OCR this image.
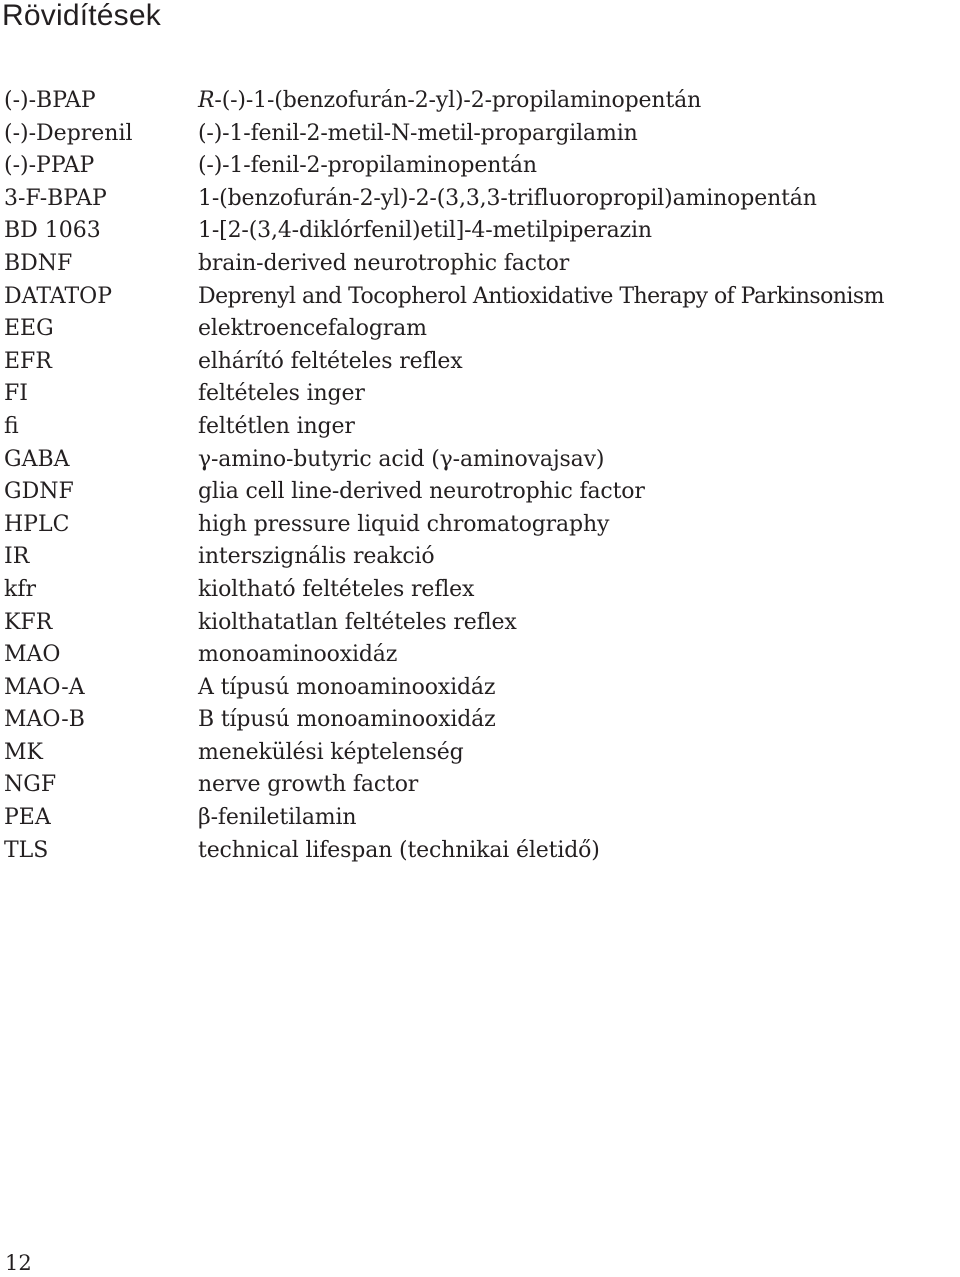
Rövidítések
(-)-BPAP	R-(-)-1-(benzofurán-2-yl)-2-propilaminopentán
(-)-Deprenil	(-)-1-fenil-2-metil-N-metil-propargilamin
(-)-PPAP	(-)-1-fenil-2-propilaminopentán
3-F-BPAP	1-(benzofurán-2-yl)-2-(3,3,3-trifluoropropil)aminopentán
BD 1063	1-[2-(3,4-diklórfenil)etil]-4-metilpiperazin
BDNF	brain-derived neurotrophic factor
DATATOP	Deprenyl and Tocopherol Antioxidative Therapy of Parkinsonism
EEG	elektroencefalogram
EFR	elhárító feltételes reflex
FI	feltételes inger
fi	feltétlen inger
GABA	γ-amino-butyric acid (γ-aminovajsav)
GDNF	glia cell line-derived neurotrophic factor
HPLC	high pressure liquid chromatography
IR	interszignális reakció
kfr	kiolthatό feltételes reflex
KFR	kiolthatatlan feltételes reflex
MAO	monoaminooxidáz
MAO-A	A típusú monoaminooxidáz
MAO-B	B típusú monoaminooxidáz
MK	menekülési képtelenség
NGF	nerve growth factor
PEA	β-feniletilamin
TLS	technical lifespan (technikai életidő)
12
